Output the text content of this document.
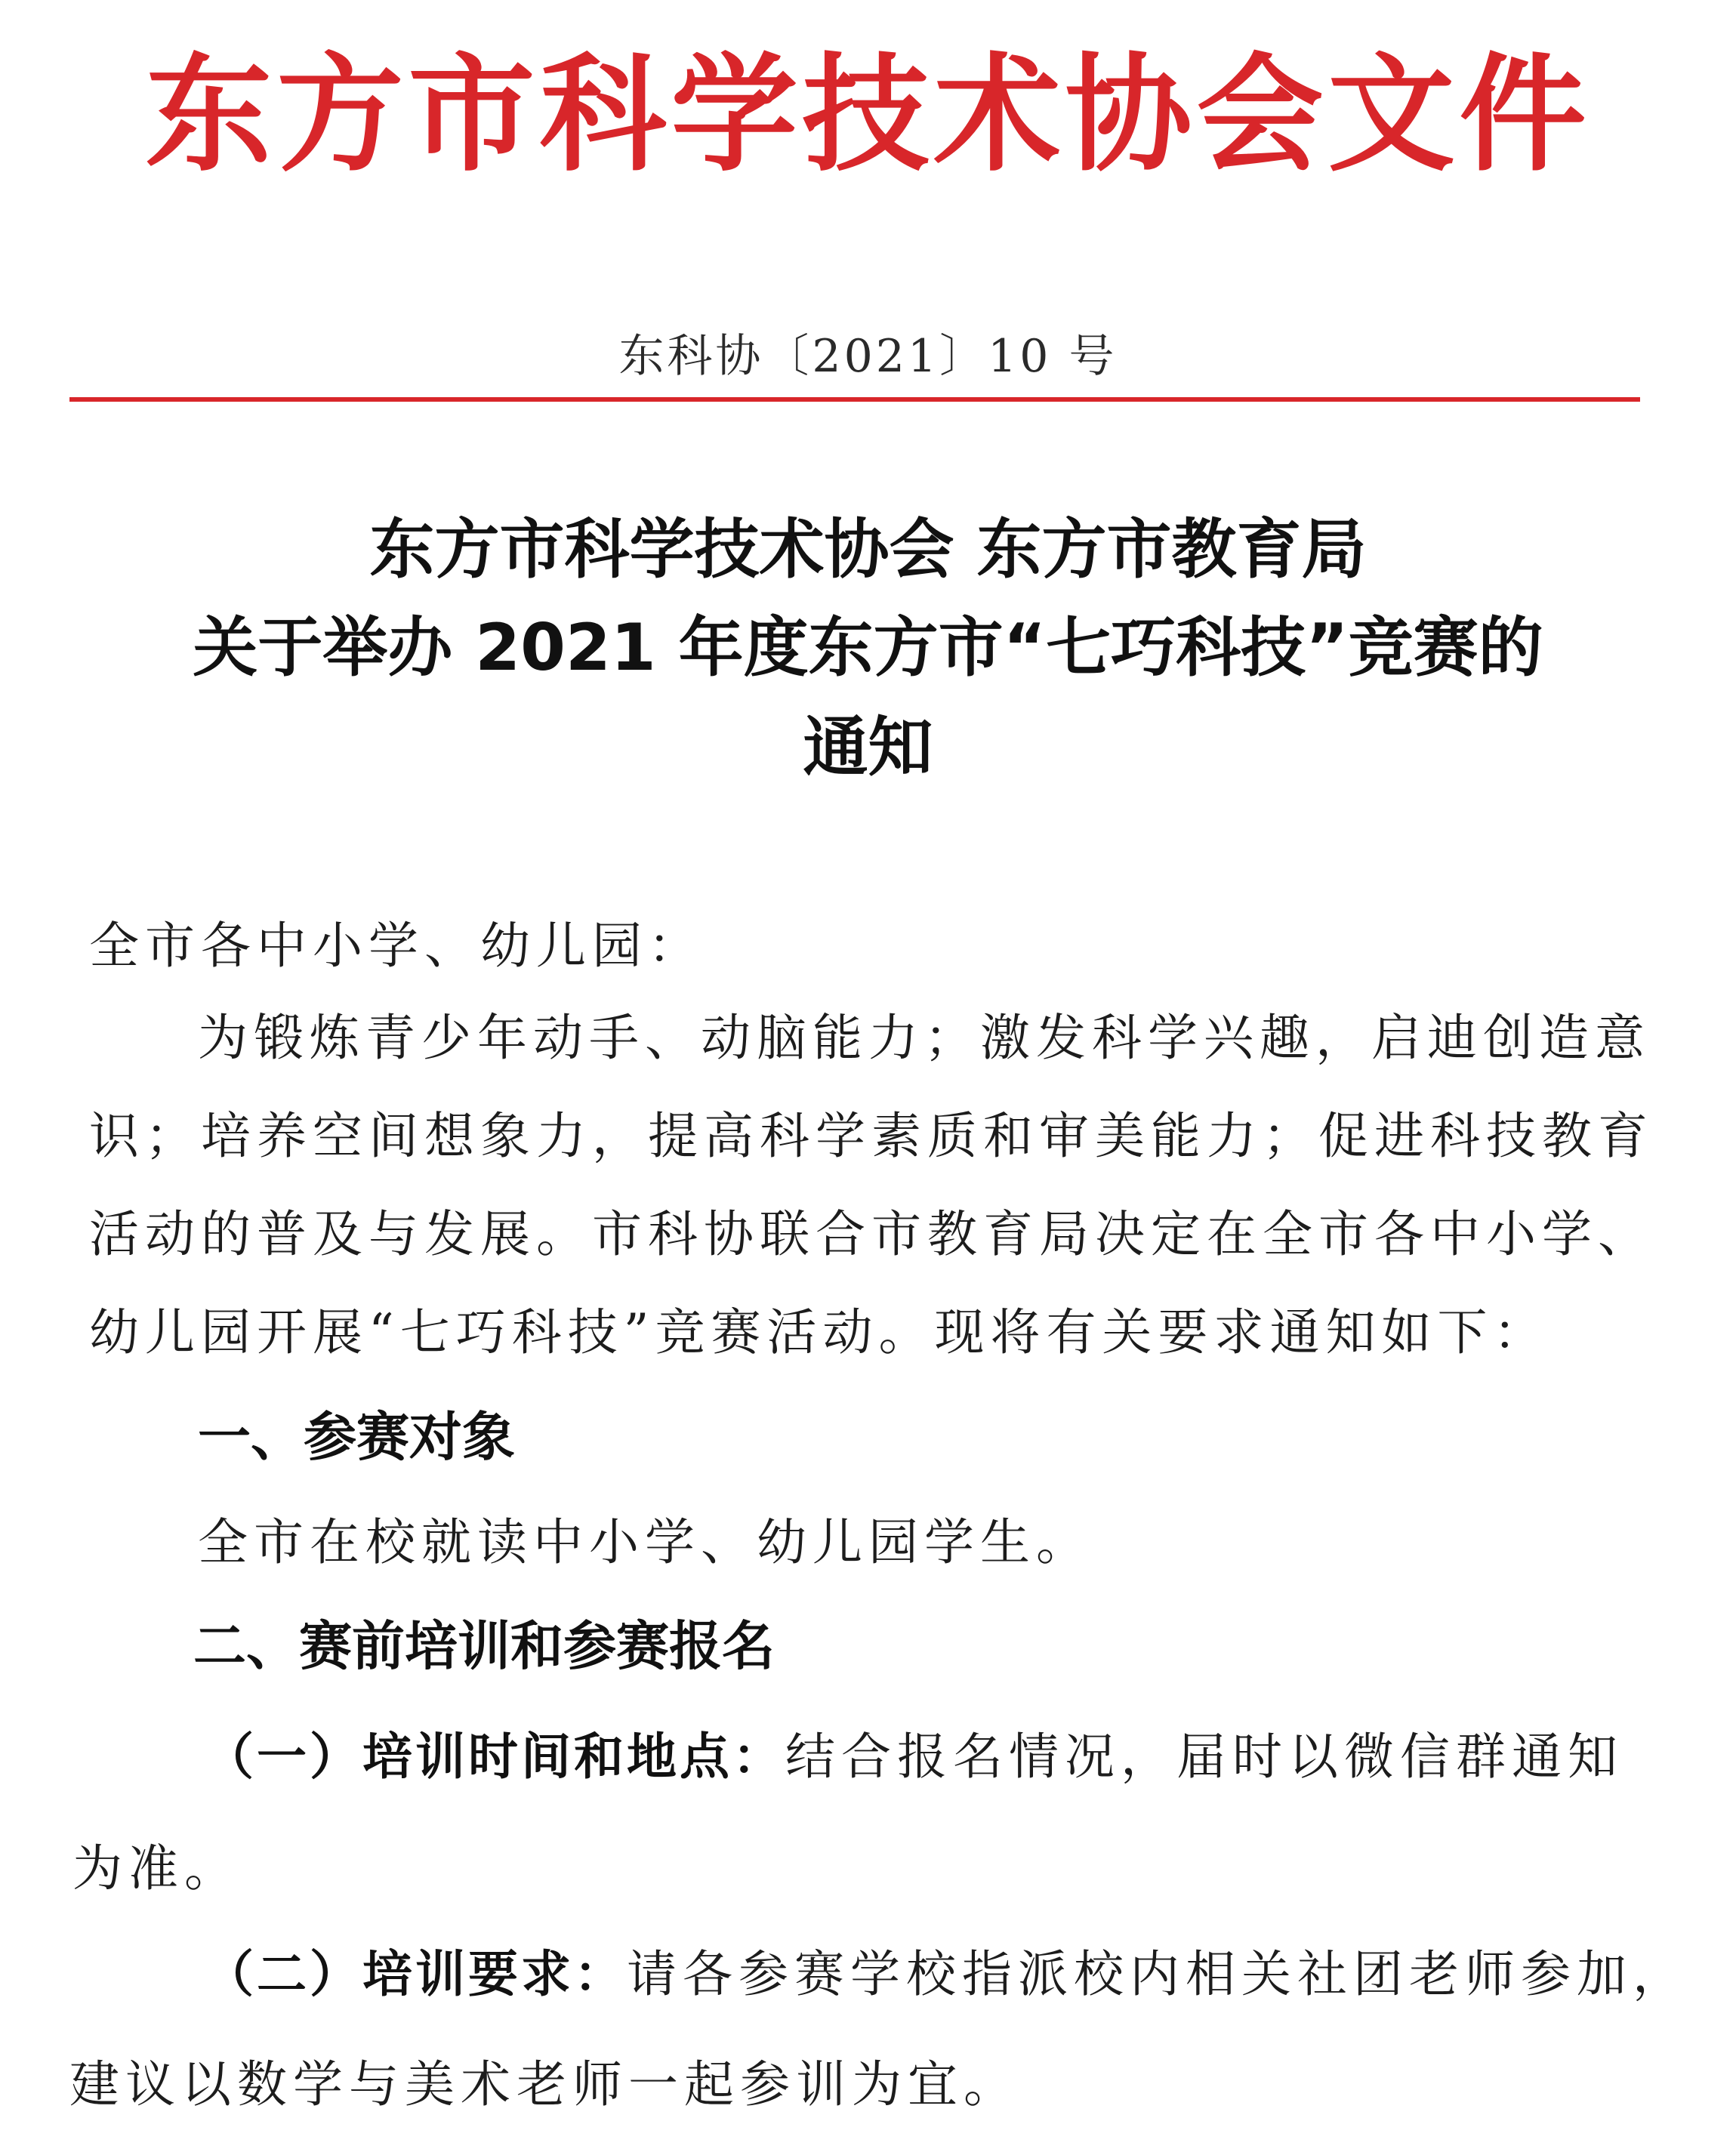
东方市科学技术协会文件
东科协〔2021〕10 号
东方市科学技术协会 东方市教育局
关于举办 2021 年度东方市“七巧科技”竞赛的
通知
全市各中小学、幼儿园：
为锻炼青少年动手、动脑能力；激发科学兴趣，启迪创造意
识；培养空间想象力，提高科学素质和审美能力；促进科技教育
活动的普及与发展。市科协联合市教育局决定在全市各中小学、
幼儿园开展“七巧科技”竞赛活动。现将有关要求通知如下：
一、参赛对象
全市在校就读中小学、幼儿园学生。
二、赛前培训和参赛报名
（一）培训时间和地点：结合报名情况，届时以微信群通知
为准。
（二）培训要求：请各参赛学校指派校内相关社团老师参加，
建议以数学与美术老师一起参训为宜。
